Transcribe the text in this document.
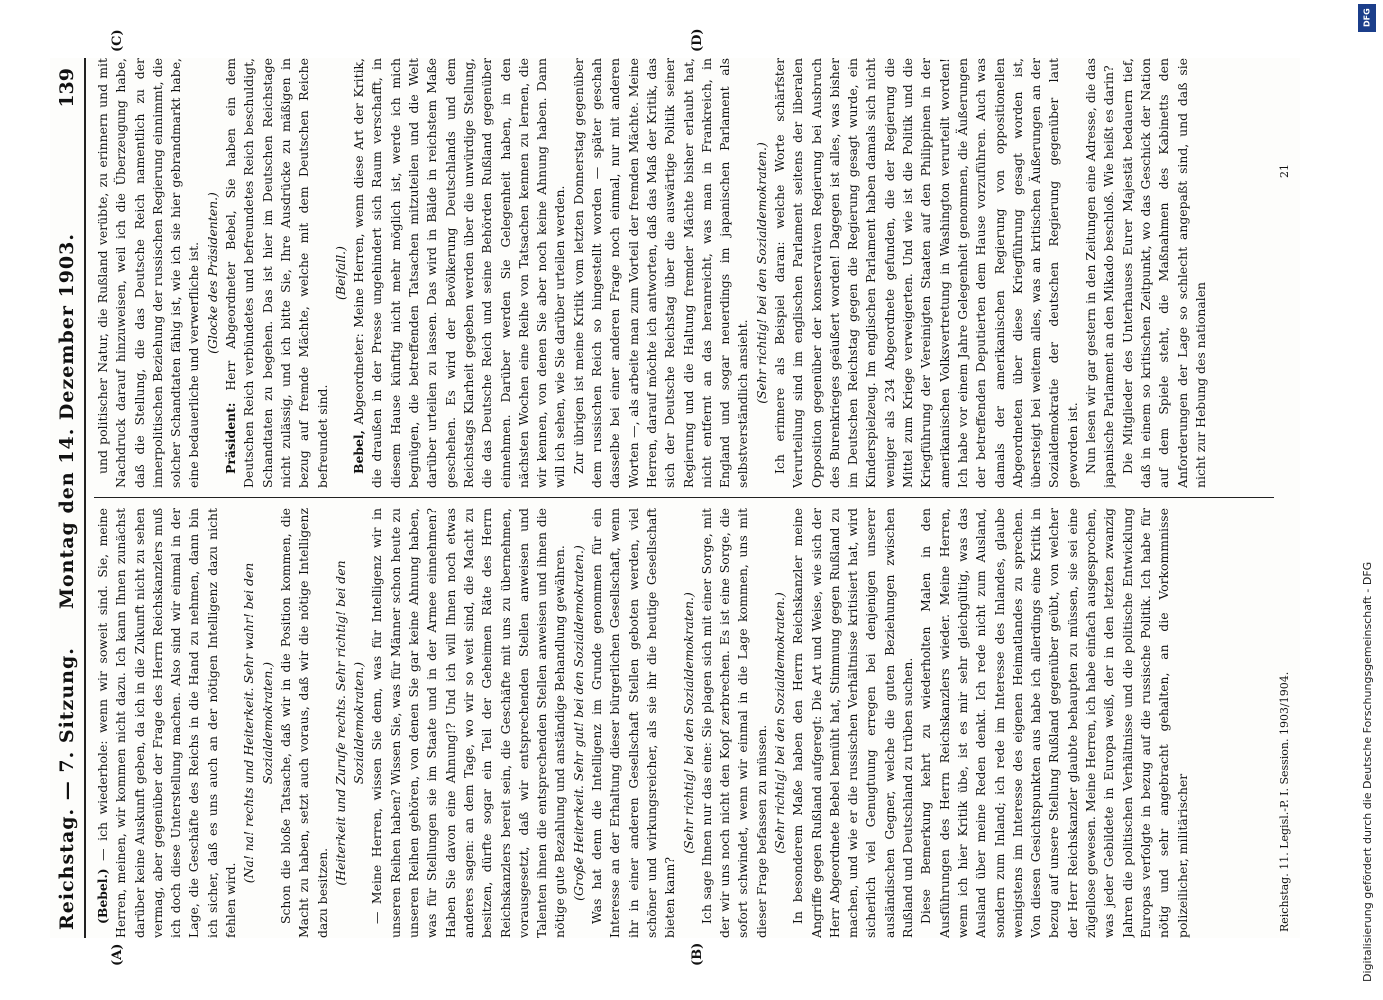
Reichstag. — 7. Sitzung.     Montag den 14. Dezember 1903.
139

(Bebel.) — ich wiederhole: wenn wir soweit sind. Sie, meine Herren, meinen, wir kommen nicht dazu. Ich kann Ihnen zunächst darüber keine Auskunft geben, da ich in die Zukunft nicht zu sehen vermag, aber gegenüber der Frage des Herrn Reichskanzlers muß ich doch diese Unterstellung machen. Also sind wir einmal in der Lage, die Geschäfte des Reichs in die Hand zu nehmen, dann bin ich sicher, daß es uns auch an der nötigen Intelligenz dazu nicht fehlen wird.

(Na! na! rechts und Heiterkeit. Sehr wahr! bei den Sozialdemokraten.) Schon die bloße Tatsache, daß wir in die Position kommen, die Macht zu haben, setzt auch voraus, daß wir die nötige Intelligenz dazu besitzen.

(Heiterkeit und Zurufe rechts. Sehr richtig! bei den Sozialdemokraten.) — Meine Herren, wissen Sie denn, was für Intelligenz wir in unseren Reihen haben? Wissen Sie, was für Männer schon heute zu unseren Reihen gehören, von denen Sie gar keine Ahnung haben, was für Stellungen sie im Staate und in der Armee einnehmen? Haben Sie davon eine Ahnung!? Und ich will Ihnen noch etwas anderes sagen: an dem Tage, wo wir so weit sind, die Macht zu besitzen, dürfte sogar ein Teil der Geheimen Räte des Herrn Reichskanzlers bereit sein, die Geschäfte mit uns zu übernehmen, vorausgesetzt, daß wir entsprechenden Stellen anweisen und Talenten ihnen die entsprechenden Stellen anweisen und ihnen die nötige gute Bezahlung und anständige Behandlung gewähren. (Große Heiterkeit. Sehr gut! bei den Sozialdemokraten.) Was hat denn die Intelligenz im Grunde genommen für ein Interesse an der Erhaltung dieser bürgerlichen Gesellschaft, wenn ihr in einer anderen Gesellschaft Stellen geboten werden, viel schöner und wirkungsreicher, als sie ihr die heutige Gesellschaft bieten kann?

(Sehr richtig! bei den Sozialdemokraten.) Ich sage Ihnen nur das eine: Sie plagen sich mit einer Sorge, mit der wir uns noch nicht den Kopf zerbrechen. Es ist eine Sorge, die sofort schwindet, wenn wir einmal in die Lage kommen, uns mit dieser Frage befassen zu müssen. (Sehr richtig! bei den Sozialdemokraten.) In besonderem Maße haben den Herrn Reichskanzler meine Angriffe gegen Rußland aufgeregt: Die Art und Weise, wie sich der Herr Abgeordnete Bebel bemüht hat, Stimmung gegen Rußland zu machen, und wie er die russischen Verhältnisse kritisiert hat, wird sicherlich viel Genugtuung erregen bei denjenigen unserer ausländischen Gegner, welche die guten Beziehungen zwischen Rußland und Deutschland zu trüben suchen. Diese Bemerkung kehrt zu wiederholten Malen in den Ausführungen des Herrn Reichskanzlers wieder. Meine Herren, wenn ich hier Kritik übe, ist es mir sehr gleichgültig, was das Ausland über meine Reden denkt. Ich rede nicht zum Ausland, sondern zum Inland; ich rede im Interesse des Inlandes, glaube wenigstens im Interesse des eigenen Heimatlandes zu sprechen. Von diesen Gesichtspunkten aus habe ich allerdings eine Kritik in bezug auf unsere Stellung Rußland gegenüber geübt, von welcher der Herr Reichskanzler glaubte behaupten zu müssen, sie sei eine zügellose gewesen. Meine Herren, ich habe einfach ausgesprochen, was jeder Gebildete in Europa weiß, der in den letzten zwanzig Jahren die politischen Verhältnisse und die politische Entwicklung Europas verfolgte in bezug auf die russische Politik. Ich habe für nötig und sehr angebracht gehalten, an die Vorkommnisse polizeilicher, militärischer

und politischer Natur, die Rußland verübte, zu erinnern und mit Nachdruck darauf hinzuweisen, weil ich die Überzeugung habe, daß die Stellung, die das Deutsche Reich namentlich zu der innerpolitischen Beziehung der russischen Regierung einnimmt, die solcher Schandtaten fähig ist, wie ich sie hier gebrandmarkt habe, eine bedauerliche und verwerfliche ist. (Glocke des Präsidenten.)

Präsident: Herr Abgeordneter Bebel, Sie haben ein dem Deutschen Reich verbündetes und befreundetes Reich beschuldigt, Schandtaten zu begehen. Das ist hier im Deutschen Reichstage nicht zulässig, und ich bitte Sie, Ihre Ausdrücke zu mäßigen in bezug auf fremde Mächte, welche mit dem Deutschen Reiche befreundet sind.

(Beifall.)

Bebel, Abgeordneter: Meine Herren, wenn diese Art der Kritik, die draußen in der Presse ungehindert sich Raum verschafft, in diesem Hause künftig nicht mehr möglich ist, werde ich mich begnügen, die betreffenden Tatsachen mitzuteilen und die Welt darüber urteilen zu lassen. Das wird in Bälde in reichstem Maße geschehen. Es wird der Bevölkerung Deutschlands und dem Reichstags Klarheit gegeben werden über die unwürdige Stellung, die das Deutsche Reich und seine Behörden Rußland gegenüber einnehmen. Darüber werden Sie Gelegenheit haben, in den nächsten Wochen eine Reihe von Tatsachen kennen zu lernen, die wir kennen, von denen Sie aber noch keine Ahnung haben. Dann will ich sehen, wie Sie darüber urteilen werden. Zur übrigen ist meine Kritik vom letzten Donnerstag gegenüber dem russischen Reich so hingestellt worden — später geschah dasselbe bei einer anderen Frage noch einmal, nur mit anderen Worten —, als arbeite man zum Vorteil der fremden Mächte. Meine Herren, darauf möchte ich antworten, daß das Maß der Kritik, das sich der Deutsche Reichstag über die auswärtige Politik seiner Regierung und die Haltung fremder Mächte bisher erlaubt hat, nicht entfernt an das heranreicht, was man in Frankreich, in England und sogar neuerdings im japanischen Parlament als selbstverständlich ansieht. (Sehr richtig! bei den Sozialdemokraten.) Ich erinnere als Beispiel daran: welche Worte schärfster Verurteilung sind im englischen Parlament seitens der liberalen Opposition gegenüber der konservativen Regierung bei Ausbruch des Burenkrieges geäußert worden! Dagegen ist alles, was bisher im Deutschen Reichstag gegen die Regierung gesagt wurde, ein Kinderspielzeug. Im englischen Parlament haben damals sich nicht weniger als 234 Abgeordnete gefunden, die der Regierung die Mittel zum Kriege verweigerten. Und wie ist die Politik und die Kriegführung der Vereinigten Staaten auf den Philippinen in der amerikanischen Volksvertretung in Washington verurteilt worden! Ich habe vor einem Jahre Gelegenheit genommen, die Äußerungen der betreffenden Deputierten dem Hause vorzuführen. Auch was damals der amerikanischen Regierung von oppositionellen Abgeordneten über diese Kriegführung gesagt worden ist, übersteigt bei weitem alles, was an kritischen Äußerungen an der Sozialdemokratie der deutschen Regierung gegenüber laut geworden ist. Nun lesen wir gar gestern in den Zeitungen eine Adresse, die das japanische Parlament an den Mikado beschloß. Wie heißt es darin? Die Mitglieder des Unterhauses Eurer Majestät bedauern tief, daß in einem so kritischen Zeitpunkt, wo das Geschick der Nation auf dem Spiele steht, die Maßnahmen des Kabinetts den Anforderungen der Lage so schlecht angepaßt sind, und daß sie nicht zur Hebung des nationalen

(A)	(B)
(C)	(D)
Reichstag. 11. Legisl.-P. I. Session. 1903/1904.
21
DFG
Digitalisierung gefördert durch die Deutsche Forschungsgemeinschaft - DFG
